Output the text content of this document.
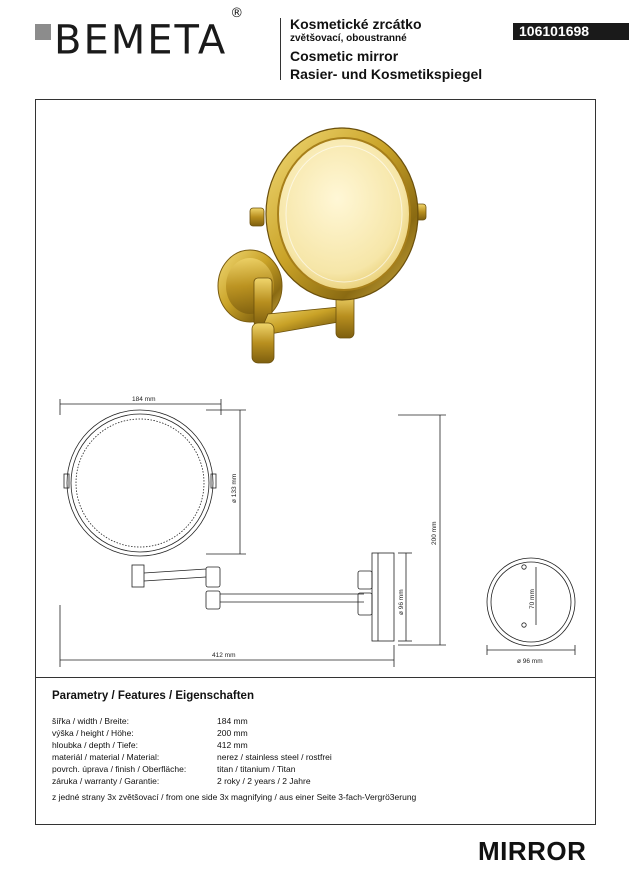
BEMETA®
Kosmetické zrcátko
zvětšovací, oboustranné
Cosmetic mirror
Rasier- und Kosmetikspiegel
106101698
184 mm
ø 133 mm
200 mm
ø 96 mm
412 mm
70 mm
ø 96 mm
Parametry / Features / Eigenschaften
šířka / width / Breite:	184 mm
výška / height / Höhe:	200 mm
hloubka / depth / Tiefe:	412 mm
materiál / material / Material:	nerez / stainless steel / rostfrei
povrch. úprava / finish / Oberfläche:	titan / titanium / Titan
záruka / warranty / Garantie:	2 roky / 2 years / 2 Jahre
z jedné strany 3x zvětšovací / from one side 3x magnifying / aus einer Seite 3-fach-Vergrö3erung
MIRROR
